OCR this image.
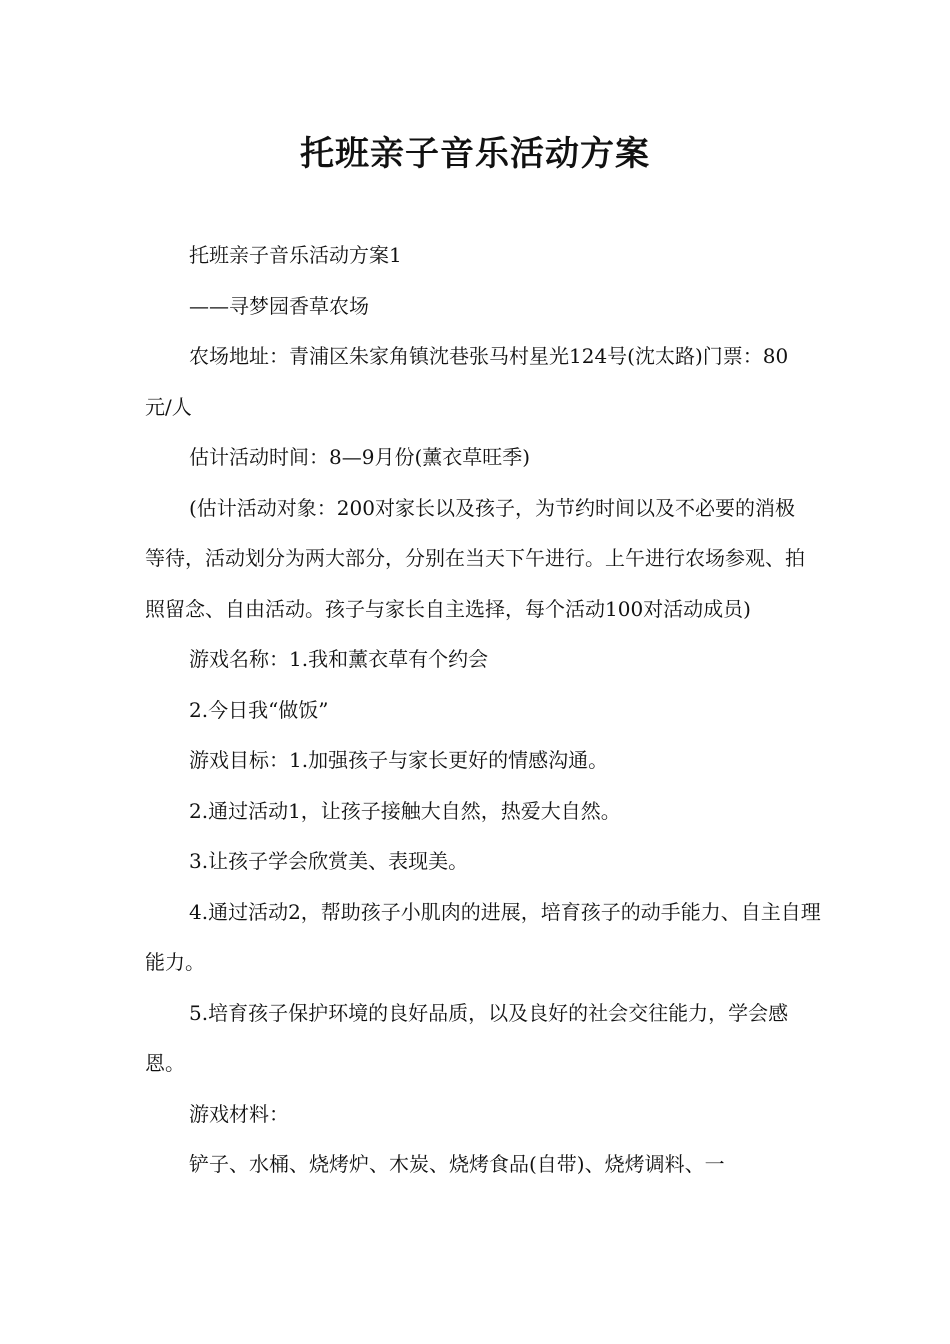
托班亲子音乐活动方案

托班亲子音乐活动方案1

——寻梦园香草农场

农场地址：青浦区朱家角镇沈巷张马村星光124号(沈太路)门票：80元/人

估计活动时间：8—9月份(薰衣草旺季)

(估计活动对象：200对家长以及孩子，为节约时间以及不必要的消极等待，活动划分为两大部分，分别在当天下午进行。上午进行农场参观、拍照留念、自由活动。孩子与家长自主选择，每个活动100对活动成员)

游戏名称：1.我和薰衣草有个约会

2.今日我“做饭”

游戏目标：1.加强孩子与家长更好的情感沟通。

2.通过活动1，让孩子接触大自然，热爱大自然。

3.让孩子学会欣赏美、表现美。

4.通过活动2，帮助孩子小肌肉的进展，培育孩子的动手能力、自主自理能力。

5.培育孩子保护环境的良好品质，以及良好的社会交往能力，学会感恩。

游戏材料：

铲子、水桶、烧烤炉、木炭、烧烤食品(自带)、烧烤调料、一
